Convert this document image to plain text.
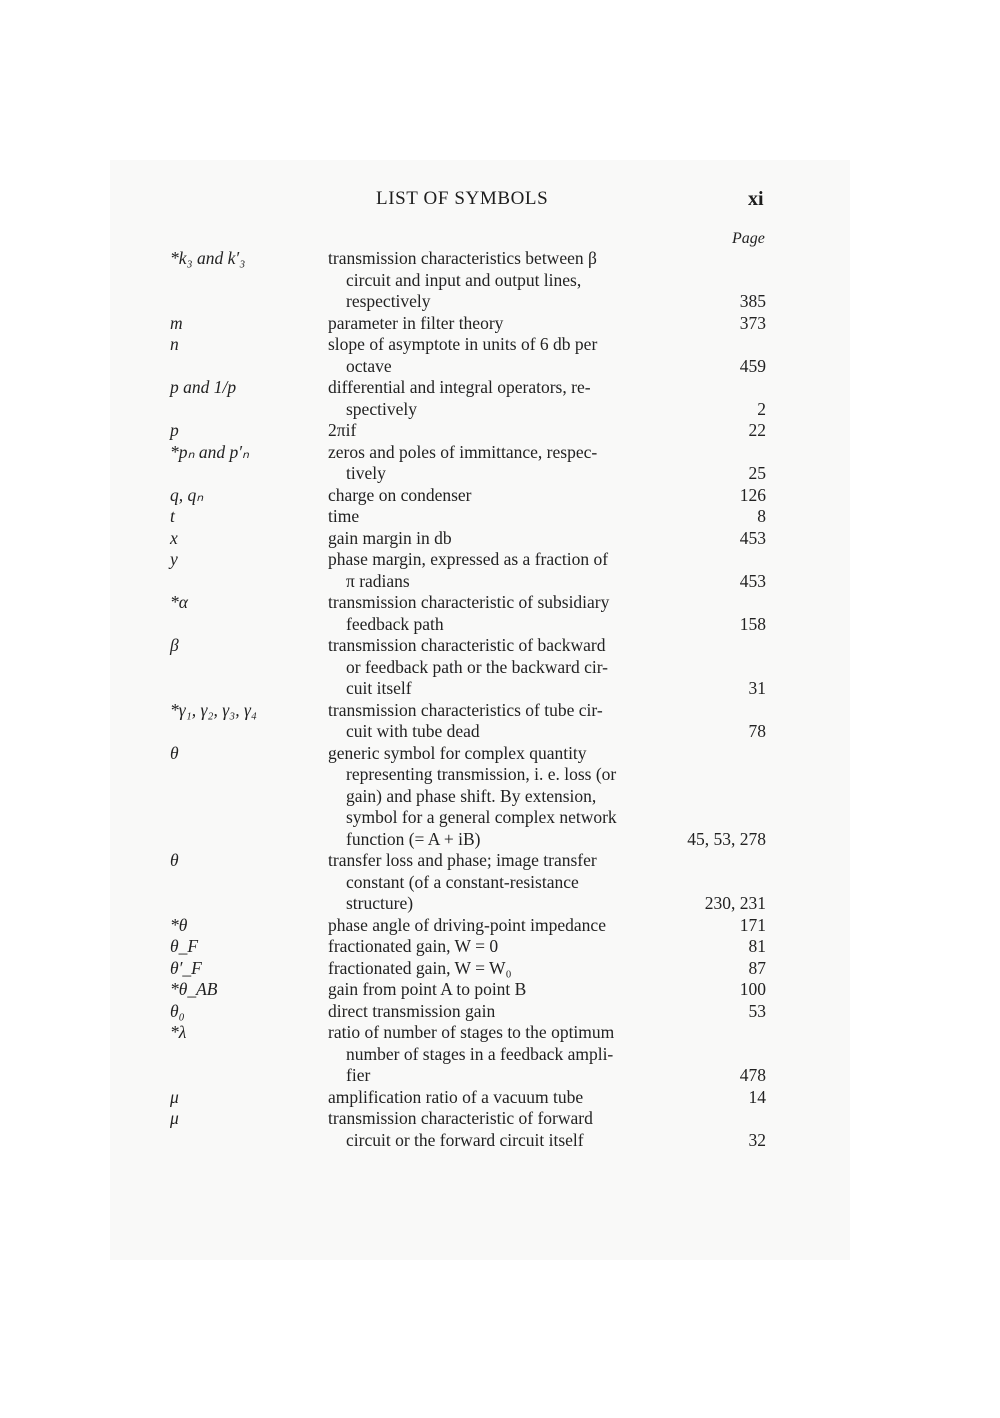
LIST OF SYMBOLS	xi
Page
*k₃ and k′₃	transmission characteristics between β
circuit and input and output lines,
respectively	385
m	parameter in filter theory	373
n	slope of asymptote in units of 6 db per
octave	459
p and 1/p	differential and integral operators, re-
spectively	2
p	2πif	22
*pₙ and p′ₙ	zeros and poles of immittance, respec-
tively	25
q, qₙ	charge on condenser	126
t	time	8
x	gain margin in db	453
y	phase margin, expressed as a fraction of
π radians	453
*α	transmission characteristic of subsidiary
feedback path	158
β	transmission characteristic of backward
or feedback path or the backward cir-
cuit itself	31
*γ₁, γ₂, γ₃, γ₄	transmission characteristics of tube cir-
cuit with tube dead	78
θ	generic symbol for complex quantity
representing transmission, i. e. loss (or
gain) and phase shift. By extension,
symbol for a general complex network
function (= A + iB)	45, 53, 278
θ	transfer loss and phase; image transfer
constant (of a constant-resistance
structure)	230, 231
*θ	phase angle of driving-point impedance	171
θ_F	fractionated gain, W = 0	81
θ′_F	fractionated gain, W = W₀	87
*θ_AB	gain from point A to point B	100
θ₀	direct transmission gain	53
*λ	ratio of number of stages to the optimum
number of stages in a feedback ampli-
fier	478
μ	amplification ratio of a vacuum tube	14
μ	transmission characteristic of forward
circuit or the forward circuit itself	32
